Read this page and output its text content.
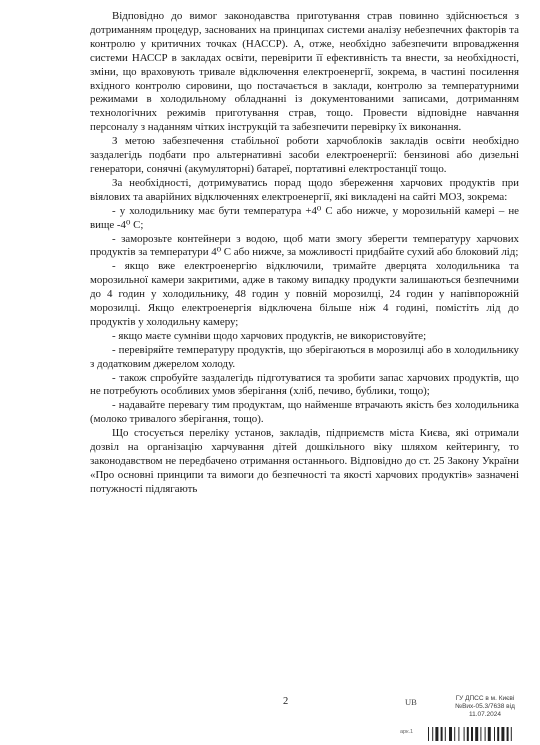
Відповідно до вимог законодавства приготування страв повинно здійснюється з дотриманням процедур, заснованих на принципах системи аналізу небезпечних факторів та контролю у критичних точках (НАССР). А, отже, необхідно забезпечити впровадження системи НАССР в закладах освіти, перевірити її ефективність та внести, за необхідності, зміни, що враховують тривале відключення електроенергії, зокрема, в частині посилення вхідного контролю сировини, що постачається в заклади, контролю за температурними режимами в холодильному обладнанні із документованими записами, дотриманням технологічних режимів приготування страв, тощо. Провести відповідне навчання персоналу з наданням чітких інструкцій та забезпечити перевірку їх виконання.

З метою забезпечення стабільної роботи харчоблоків закладів освіти необхідно заздалегідь подбати про альтернативні засоби електроенергії: бензинові або дизельні генератори, сонячні (акумуляторні) батареї, портативні електростанції тощо.

За необхідності, дотримуватись порад щодо збереження харчових продуктів при віялових та аварійних відключеннях електроенергії, які викладені на сайті МОЗ, зокрема:

- у холодильнику має бути температура +4⁰ С або нижче, у морозильній камері – не вище -4⁰ С;

- заморозьте контейнери з водою, щоб мати змогу зберегти температуру харчових продуктів за температури 4⁰ С або нижче, за можливості придбайте сухий або блоковий лід;

- якщо вже електроенергію відключили, тримайте дверцята холодильника та морозильної камери закритими, адже в такому випадку продукти залишаються безпечними до 4 годин у холодильнику, 48 годин у повній морозилці, 24 годин у напівпорожній морозилці. Якщо електроенергія відключена більше ніж 4 годині, помістіть лід до продуктів у холодильну камеру;

- якщо маєте сумніви щодо харчових продуктів, не використовуйте;

- перевіряйте температуру продуктів, що зберігаються в морозилці або в холодильнику з додатковим джерелом холоду.

- також спробуйте заздалегідь підготуватися та зробити запас харчових продуктів, що не потребують особливих умов зберігання (хліб, печиво, бублики, тощо);

- надавайте перевагу тим продуктам, що найменше втрачають якість без холодильника (молоко тривалого зберігання, тощо).

Що стосується переліку установ, закладів, підприємств міста Києва, які отримали дозвіл на організацію харчування дітей дошкільного віку шляхом кейтерингу, то законодавством не передбачено отримання останнього. Відповідно до ст. 25 Закону України «Про основні принципи та вимоги до безпечності та якості харчових продуктів» зазначені потужності підлягають

2	UB	ГУ ДПСС в м. Києві
№Вих-05.3/7638 від
11.07.2024
арк.1
